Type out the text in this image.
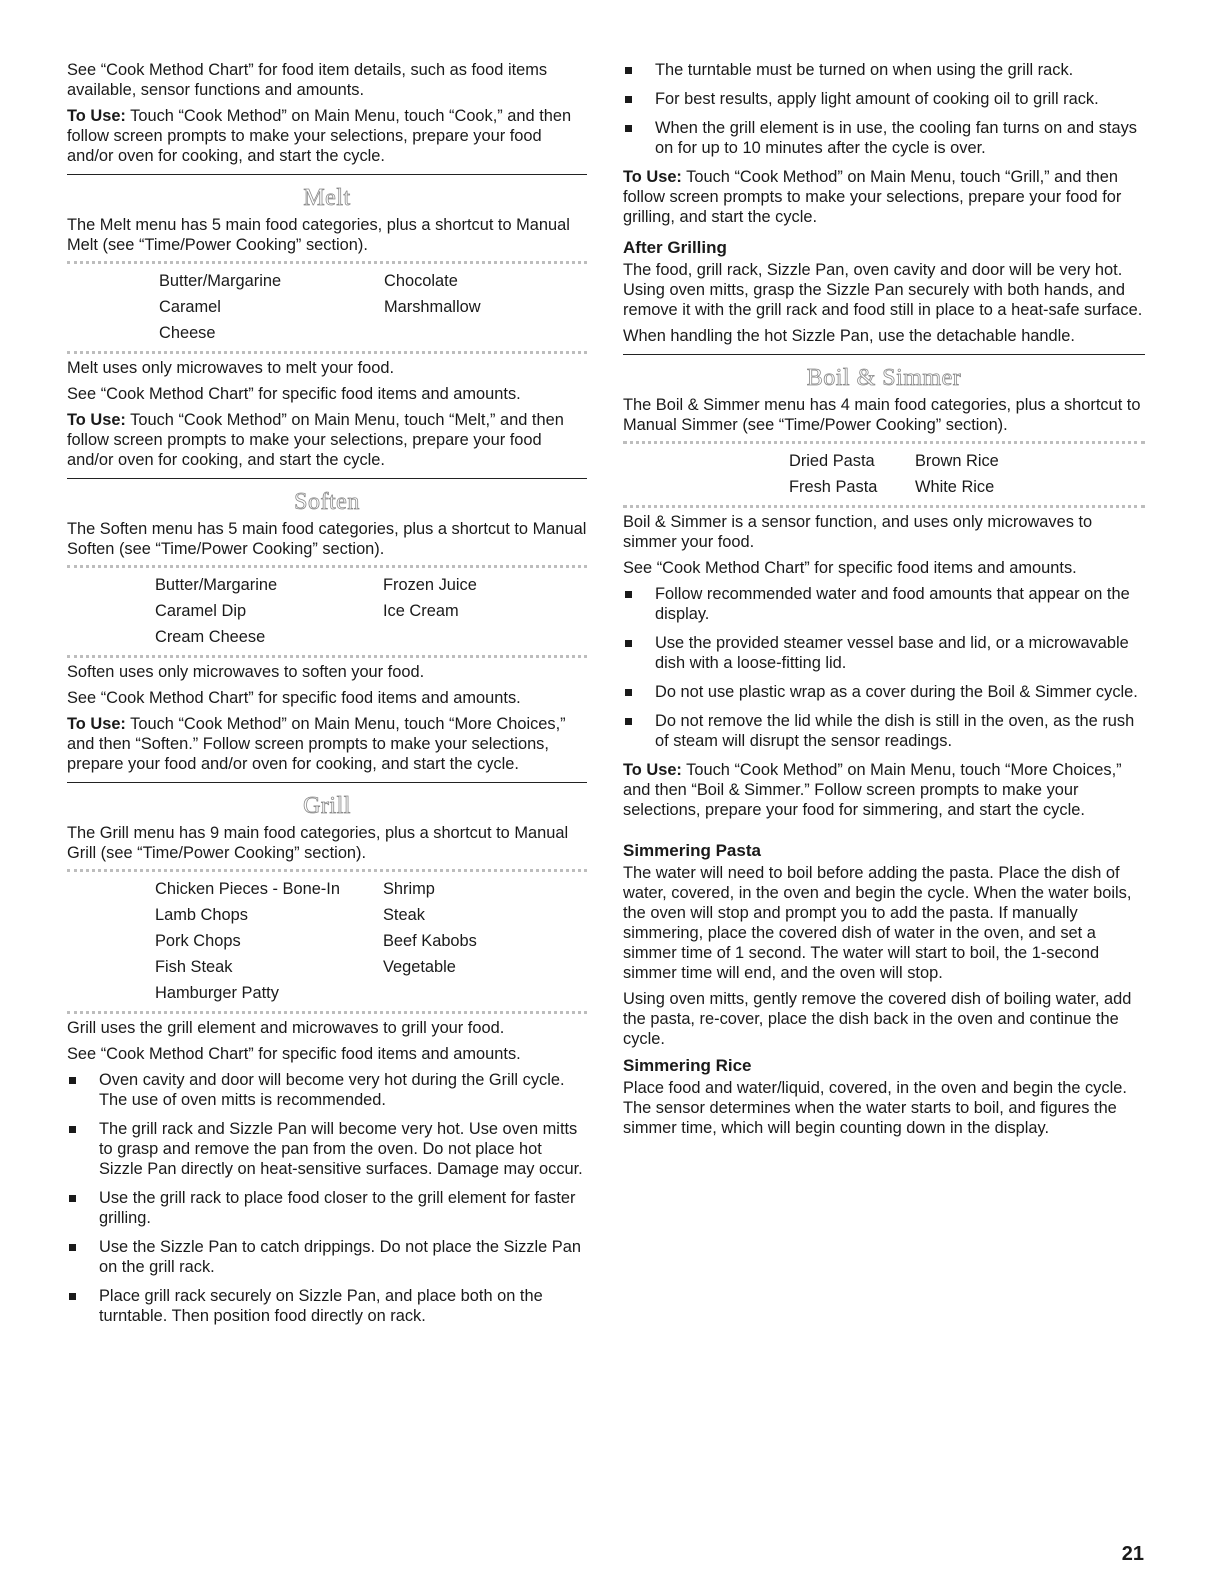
See “Cook Method Chart” for food item details, such as food items available, sensor functions and amounts.

To Use: Touch “Cook Method” on Main Menu, touch “Cook,” and then follow screen prompts to make your selections, prepare your food and/or oven for cooking, and start the cycle.

Melt

The Melt menu has 5 main food categories, plus a shortcut to Manual Melt (see “Time/Power Cooking” section).

Butter/Margarine	Chocolate
Caramel	Marshmallow
Cheese

Melt uses only microwaves to melt your food.

See “Cook Method Chart” for specific food items and amounts.

To Use: Touch “Cook Method” on Main Menu, touch “Melt,” and then follow screen prompts to make your selections, prepare your food and/or oven for cooking, and start the cycle.

Soften

The Soften menu has 5 main food categories, plus a shortcut to Manual Soften (see “Time/Power Cooking” section).

Butter/Margarine	Frozen Juice
Caramel Dip	Ice Cream
Cream Cheese

Soften uses only microwaves to soften your food.

See “Cook Method Chart” for specific food items and amounts.

To Use: Touch “Cook Method” on Main Menu, touch “More Choices,” and then “Soften.” Follow screen prompts to make your selections, prepare your food and/or oven for cooking, and start the cycle.

Grill

The Grill menu has 9 main food categories, plus a shortcut to Manual Grill (see “Time/Power Cooking” section).

Chicken Pieces - Bone-In	Shrimp
Lamb Chops	Steak
Pork Chops	Beef Kabobs
Fish Steak	Vegetable
Hamburger Patty

Grill uses the grill element and microwaves to grill your food.

See “Cook Method Chart” for specific food items and amounts.

Oven cavity and door will become very hot during the Grill cycle. The use of oven mitts is recommended.
The grill rack and Sizzle Pan will become very hot. Use oven mitts to grasp and remove the pan from the oven. Do not place hot Sizzle Pan directly on heat-sensitive surfaces. Damage may occur.
Use the grill rack to place food closer to the grill element for faster grilling.
Use the Sizzle Pan to catch drippings. Do not place the Sizzle Pan on the grill rack.
Place grill rack securely on Sizzle Pan, and place both on the turntable. Then position food directly on rack.
The turntable must be turned on when using the grill rack.
For best results, apply light amount of cooking oil to grill rack.
When the grill element is in use, the cooling fan turns on and stays on for up to 10 minutes after the cycle is over.

To Use: Touch “Cook Method” on Main Menu, touch “Grill,” and then follow screen prompts to make your selections, prepare your food for grilling, and start the cycle.

After Grilling

The food, grill rack, Sizzle Pan, oven cavity and door will be very hot. Using oven mitts, grasp the Sizzle Pan securely with both hands, and remove it with the grill rack and food still in place to a heat-safe surface.

When handling the hot Sizzle Pan, use the detachable handle.

Boil & Simmer

The Boil & Simmer menu has 4 main food categories, plus a shortcut to Manual Simmer (see “Time/Power Cooking” section).

Dried Pasta	Brown Rice
Fresh Pasta	White Rice

Boil & Simmer is a sensor function, and uses only microwaves to simmer your food.

See “Cook Method Chart” for specific food items and amounts.

Follow recommended water and food amounts that appear on the display.
Use the provided steamer vessel base and lid, or a microwavable dish with a loose-fitting lid.
Do not use plastic wrap as a cover during the Boil & Simmer cycle.
Do not remove the lid while the dish is still in the oven, as the rush of steam will disrupt the sensor readings.

To Use: Touch “Cook Method” on Main Menu, touch “More Choices,” and then “Boil & Simmer.” Follow screen prompts to make your selections, prepare your food for simmering, and start the cycle.

Simmering Pasta

The water will need to boil before adding the pasta. Place the dish of water, covered, in the oven and begin the cycle. When the water boils, the oven will stop and prompt you to add the pasta. If manually simmering, place the covered dish of water in the oven, and set a simmer time of 1 second. The water will start to boil, the 1-second simmer time will end, and the oven will stop.

Using oven mitts, gently remove the covered dish of boiling water, add the pasta, re-cover, place the dish back in the oven and continue the cycle.

Simmering Rice

Place food and water/liquid, covered, in the oven and begin the cycle. The sensor determines when the water starts to boil, and figures the simmer time, which will begin counting down in the display.

21
